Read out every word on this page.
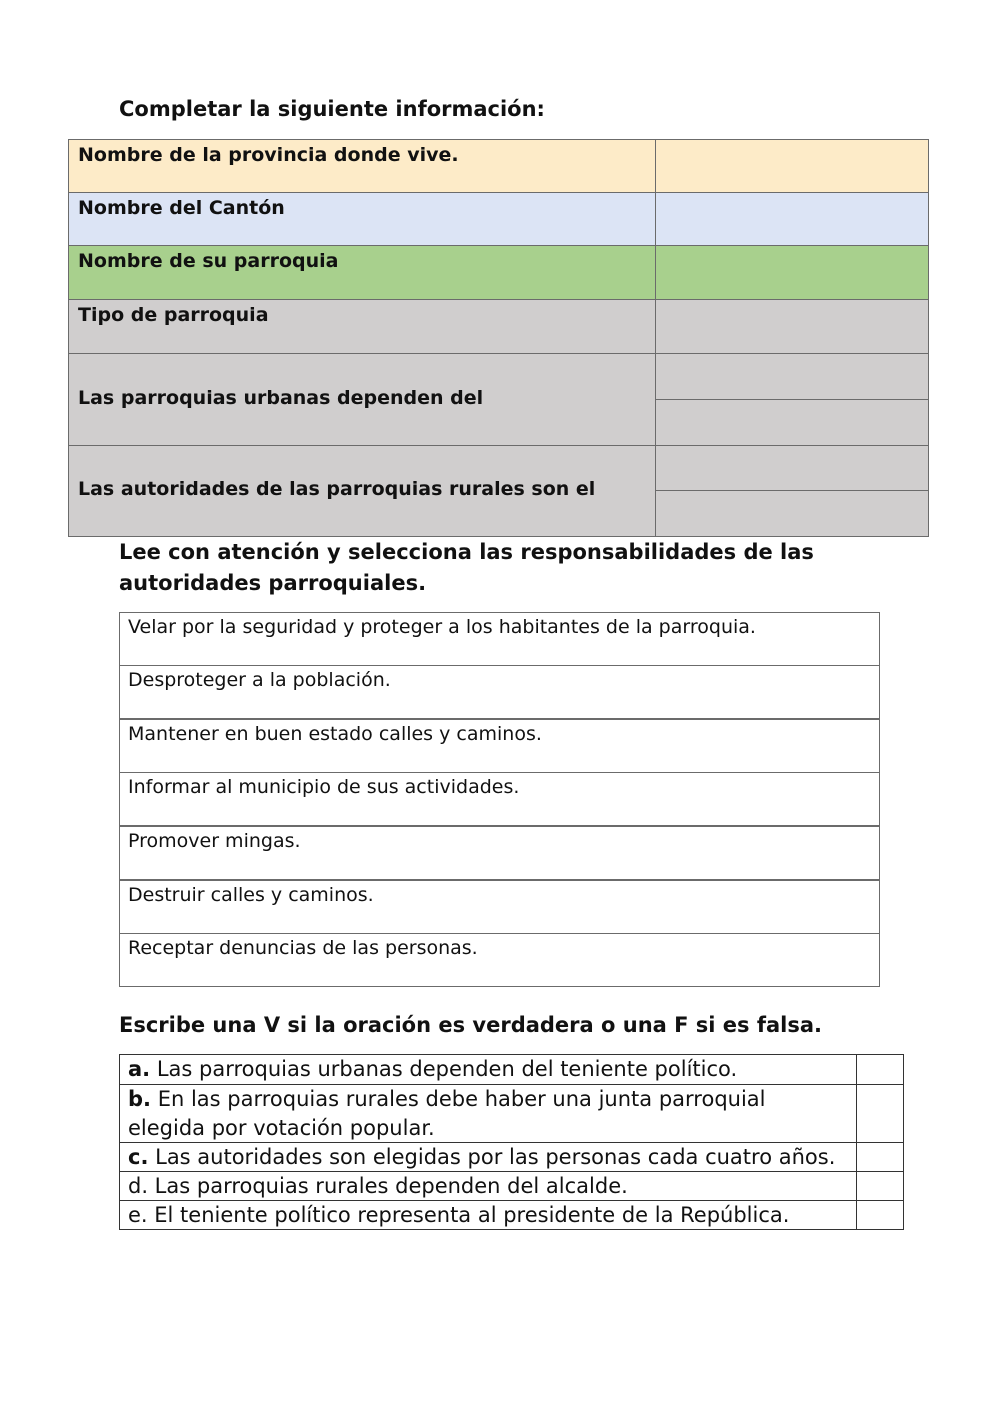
Completar la siguiente información:
Nombre de la provincia donde vive.
Nombre del Cantón
Nombre de su parroquia
Tipo de parroquia
Las parroquias urbanas dependen del
Las autoridades de las parroquias rurales son el
Lee con atención y selecciona las responsabilidades de las
autoridades parroquiales.
Velar por la seguridad y proteger a los habitantes de la parroquia.
Desproteger a la población.
Mantener en buen estado calles y caminos.
Informar al municipio de sus actividades.
Promover mingas.
Destruir calles y caminos.
Receptar denuncias de las personas.
Escribe una V si la oración es verdadera o una F si es falsa.
a. Las parroquias urbanas dependen del teniente político.
b. En las parroquias rurales debe haber una junta parroquial elegida por votación popular.
c. Las autoridades son elegidas por las personas cada cuatro años.
d. Las parroquias rurales dependen del alcalde.
e. El teniente político representa al presidente de la República.
